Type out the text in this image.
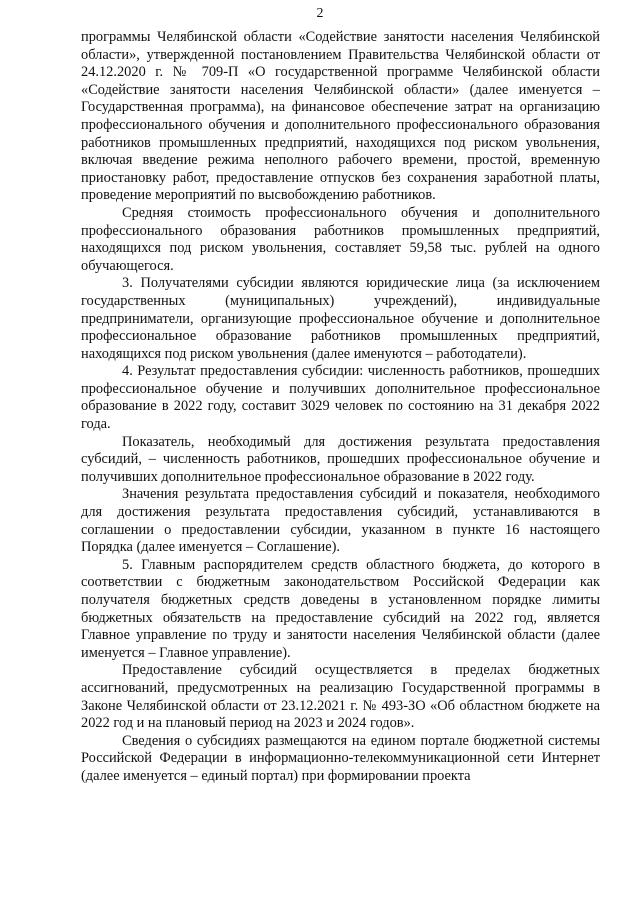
2

программы Челябинской области «Содействие занятости населения Челябинской области», утвержденной постановлением Правительства Челябинской области от 24.12.2020 г. № 709-П «О государственной программе Челябинской области «Содействие занятости населения Челябинской области» (далее именуется – Государственная программа), на финансовое обеспечение затрат на организацию профессионального обучения и дополнительного профессионального образования работников промышленных предприятий, находящихся под риском увольнения, включая введение режима неполного рабочего времени, простой, временную приостановку работ, предоставление отпусков без сохранения заработной платы, проведение мероприятий по высвобождению работников.

Средняя стоимость профессионального обучения и дополнительного профессионального образования работников промышленных предприятий, находящихся под риском увольнения, составляет 59,58 тыс. рублей на одного обучающегося.

3. Получателями субсидии являются юридические лица (за исключением государственных (муниципальных) учреждений), индивидуальные предприниматели, организующие профессиональное обучение и дополнительное профессиональное образование работников промышленных предприятий, находящихся под риском увольнения (далее именуются – работодатели).

4. Результат предоставления субсидии: численность работников, прошедших профессиональное обучение и получивших дополнительное профессиональное образование в 2022 году, составит 3029 человек по состоянию на 31 декабря 2022 года.

Показатель, необходимый для достижения результата предоставления субсидий, – численность работников, прошедших профессиональное обучение и получивших дополнительное профессиональное образование в 2022 году.

Значения результата предоставления субсидий и показателя, необходимого для достижения результата предоставления субсидий, устанавливаются в соглашении о предоставлении субсидии, указанном в пункте 16 настоящего Порядка (далее именуется – Соглашение).

5. Главным распорядителем средств областного бюджета, до которого в соответствии с бюджетным законодательством Российской Федерации как получателя бюджетных средств доведены в установленном порядке лимиты бюджетных обязательств на предоставление субсидий на 2022 год, является Главное управление по труду и занятости населения Челябинской области (далее именуется – Главное управление).

Предоставление субсидий осуществляется в пределах бюджетных ассигнований, предусмотренных на реализацию Государственной программы в Законе Челябинской области от 23.12.2021 г. № 493-ЗО «Об областном бюджете на 2022 год и на плановый период на 2023 и 2024 годов».

Сведения о субсидиях размещаются на едином портале бюджетной системы Российской Федерации в информационно-телекоммуникационной сети Интернет (далее именуется – единый портал) при формировании проекта
